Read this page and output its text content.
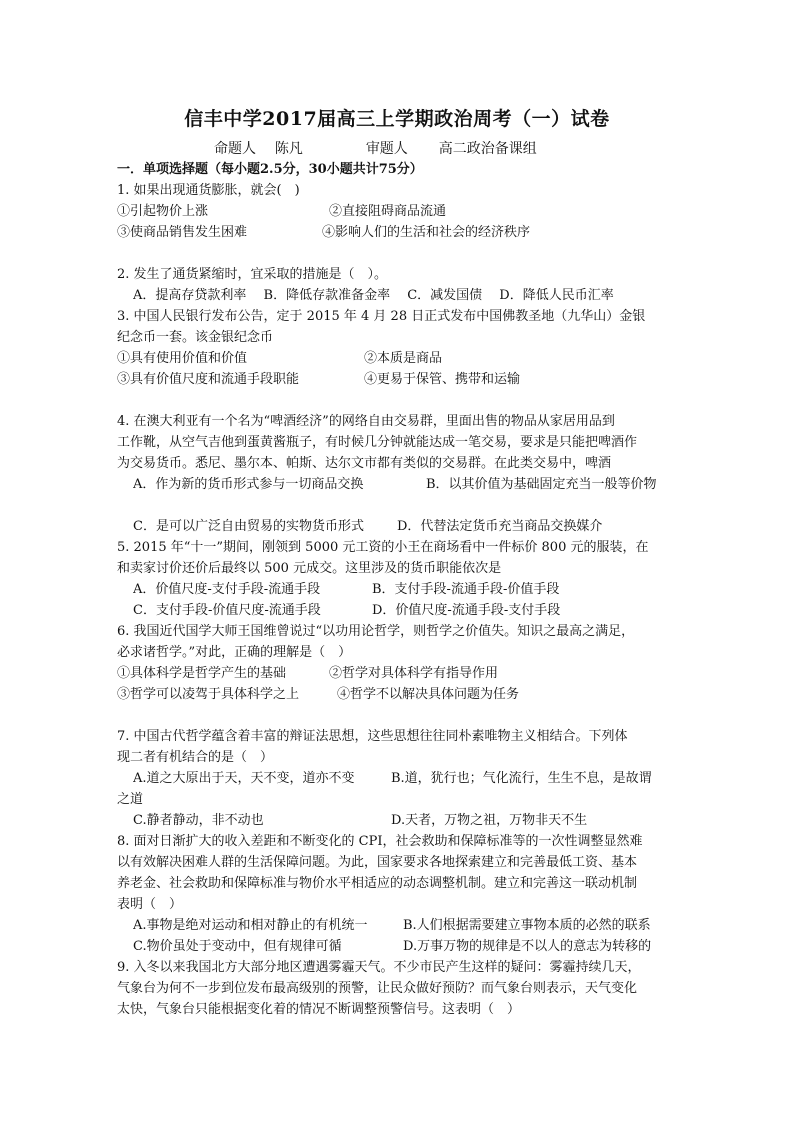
信丰中学2017届高三上学期政治周考（一）试卷
命题人 陈凡	审题人 高二政治备课组
一．单项选择题（每小题2.5分，30小题共计75分）
1. 如果出现通货膨胀，就会(　)
①引起物价上涨	②直接阻碍商品流通
③使商品销售发生困难	④影响人们的生活和社会的经济秩序
2. 发生了通货紧缩时，宜采取的措施是（　）。
A．提高存贷款利率　 B．降低存款准备金率　 C．减发国债　 D．降低人民币汇率
3. 中国人民银行发布公告，定于 2015 年 4 月 28 日正式发布中国佛教圣地（九华山）金银
纪念币一套。该金银纪念币
①具有使用价值和价值	②本质是商品
③具有价值尺度和流通手段职能	④更易于保管、携带和运输
4. 在澳大利亚有一个名为“啤酒经济”的网络自由交易群，里面出售的物品从家居用品到
工作靴，从空气吉他到蛋黄酱瓶子，有时候几分钟就能达成一笔交易，要求是只能把啤酒作
为交易货币。悉尼、墨尔本、帕斯、达尔文市都有类似的交易群。在此类交易中，啤酒
A．作为新的货币形式参与一切商品交换	B．以其价值为基础固定充当一般等价物
C．是可以广泛自由贸易的实物货币形式	D．代替法定货币充当商品交换媒介
5. 2015 年“十一”期间，刚领到 5000 元工资的小王在商场看中一件标价 800 元的服装，在
和卖家讨价还价后最终以 500 元成交。这里涉及的货币职能依次是
A．价值尺度-支付手段-流通手段	B．支付手段-流通手段-价值手段
C．支付手段-价值尺度-流通手段	D．价值尺度-流通手段-支付手段
6. 我国近代国学大师王国维曾说过“以功用论哲学，则哲学之价值失。知识之最高之满足，
必求诸哲学。”对此，正确的理解是（　）
①具体科学是哲学产生的基础	②哲学对具体科学有指导作用
③哲学可以凌驾于具体科学之上	④哲学不以解决具体问题为任务
7. 中国古代哲学蕴含着丰富的辩证法思想，这些思想往往同朴素唯物主义相结合。下列体
现二者有机结合的是（　）
A.道之大原出于天，天不变，道亦不变	B.道，犹行也；气化流行，生生不息，是故谓
之道
C.静者静动，非不动也	D.天者，万物之祖，万物非天不生
8. 面对日渐扩大的收入差距和不断变化的 CPI，社会救助和保障标准等的一次性调整显然难
以有效解决困难人群的生活保障问题。为此，国家要求各地探索建立和完善最低工资、基本
养老金、社会救助和保障标准与物价水平相适应的动态调整机制。建立和完善这一联动机制
表明（　）
A.事物是绝对运动和相对静止的有机统一	B.人们根据需要建立事物本质的必然的联系
C.物价虽处于变动中，但有规律可循	D.万事万物的规律是不以人的意志为转移的
9. 入冬以来我国北方大部分地区遭遇雾霾天气。不少市民产生这样的疑问：雾霾持续几天，
气象台为何不一步到位发布最高级别的预警，让民众做好预防？而气象台则表示，天气变化
太快，气象台只能根据变化着的情况不断调整预警信号。这表明（　）
